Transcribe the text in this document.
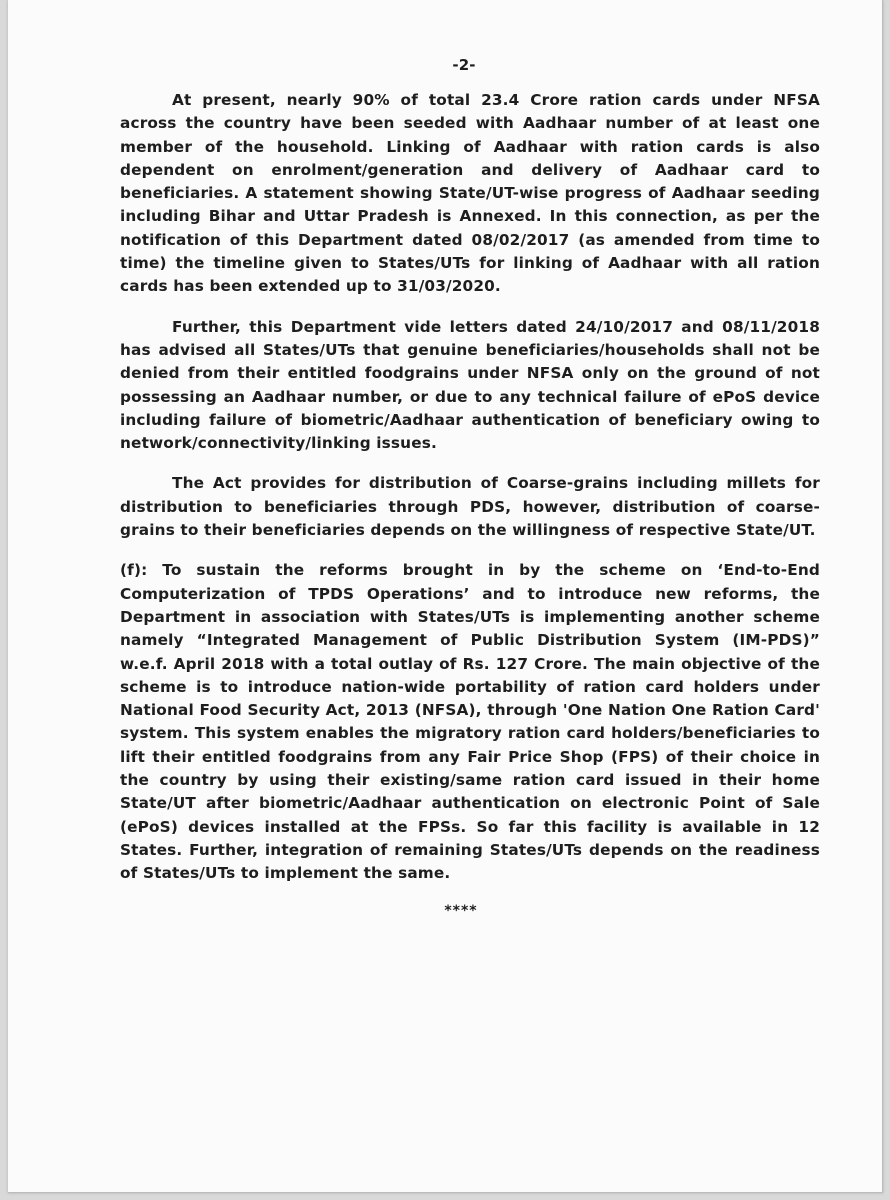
-2-

At present, nearly 90% of total 23.4 Crore ration cards under NFSA across the country have been seeded with Aadhaar number of at least one member of the household. Linking of Aadhaar with ration cards is also dependent on enrolment/generation and delivery of Aadhaar card to beneficiaries. A statement showing State/UT-wise progress of Aadhaar seeding including Bihar and Uttar Pradesh is Annexed. In this connection, as per the notification of this Department dated 08/02/2017 (as amended from time to time) the timeline given to States/UTs for linking of Aadhaar with all ration cards has been extended up to 31/03/2020.

Further, this Department vide letters dated 24/10/2017 and 08/11/2018 has advised all States/UTs that genuine beneficiaries/households shall not be denied from their entitled foodgrains under NFSA only on the ground of not possessing an Aadhaar number, or due to any technical failure of ePoS device including failure of biometric/Aadhaar authentication of beneficiary owing to network/connectivity/linking issues.

The Act provides for distribution of Coarse-grains including millets for distribution to beneficiaries through PDS, however, distribution of coarse-grains to their beneficiaries depends on the willingness of respective State/UT.

(f): To sustain the reforms brought in by the scheme on ‘End-to-End Computerization of TPDS Operations’ and to introduce new reforms, the Department in association with States/UTs is implementing another scheme namely “Integrated Management of Public Distribution System (IM-PDS)” w.e.f. April 2018 with a total outlay of Rs. 127 Crore. The main objective of the scheme is to introduce nation-wide portability of ration card holders under National Food Security Act, 2013 (NFSA), through 'One Nation One Ration Card' system. This system enables the migratory ration card holders/beneficiaries to lift their entitled foodgrains from any Fair Price Shop (FPS) of their choice in the country by using their existing/same ration card issued in their home State/UT after biometric/Aadhaar authentication on electronic Point of Sale (ePoS) devices installed at the FPSs. So far this facility is available in 12 States. Further, integration of remaining States/UTs depends on the readiness of States/UTs to implement the same.

****
